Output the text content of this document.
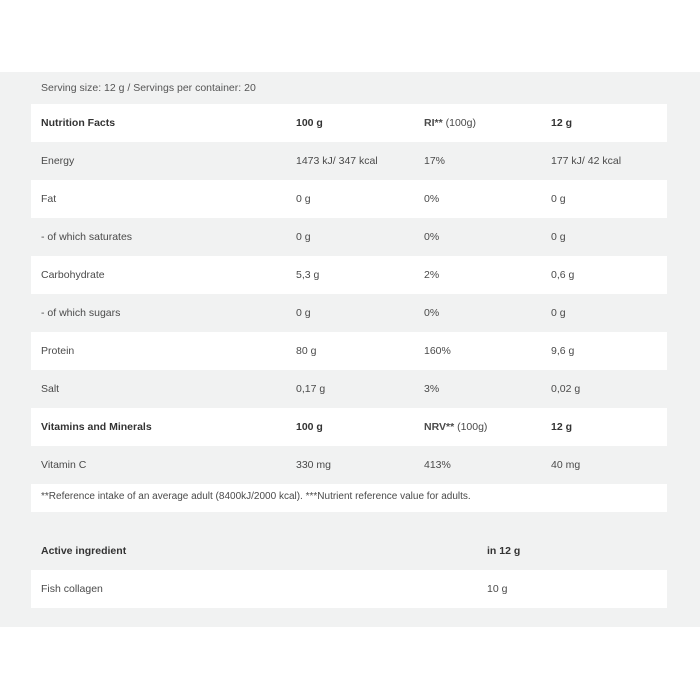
Serving size: 12 g / Servings per container: 20
Nutrition Facts	100 g	RI** (100g)	12 g
Energy	1473 kJ/ 347 kcal	17%	177 kJ/ 42 kcal
Fat	0 g	0%	0 g
- of which saturates	0 g	0%	0 g
Carbohydrate	5,3 g	2%	0,6 g
- of which sugars	0 g	0%	0 g
Protein	80 g	160%	9,6 g
Salt	0,17 g	3%	0,02 g
Vitamins and Minerals	100 g	NRV** (100g)	12 g
Vitamin C	330 mg	413%	40 mg
**Reference intake of an average adult (8400kJ/2000 kcal). ***Nutrient reference value for adults.
Active ingredient	in 12 g
Fish collagen	10 g
